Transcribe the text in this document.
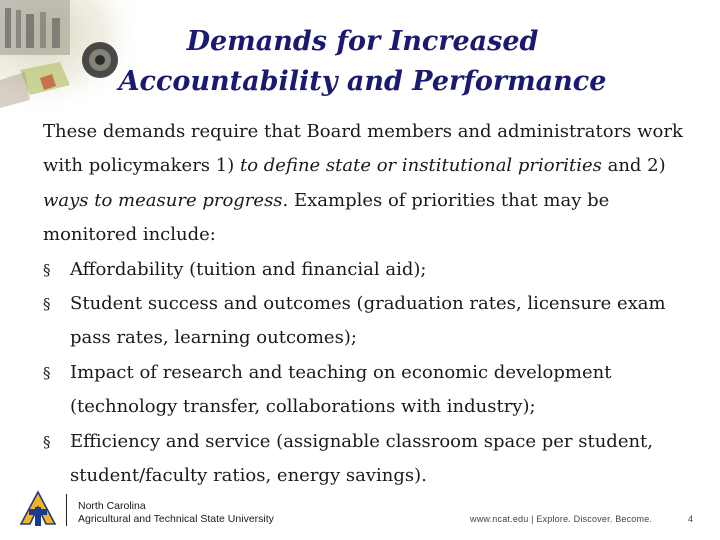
Demands for Increased
Accountability and Performance

These demands require that Board members and administrators work with policymakers 1) to define state or institutional priorities and 2) ways to measure progress. Examples of priorities that may be monitored include:

§ Affordability (tuition and financial aid);
§ Student success and outcomes (graduation rates, licensure exam pass rates, learning outcomes);
§ Impact of research and teaching on economic development (technology transfer, collaborations with industry);
§ Efficiency and service (assignable classroom space per student, student/faculty ratios, energy savings).
North Carolina
Agricultural and Technical State University	www.ncat.edu | Explore. Discover. Become.	4
